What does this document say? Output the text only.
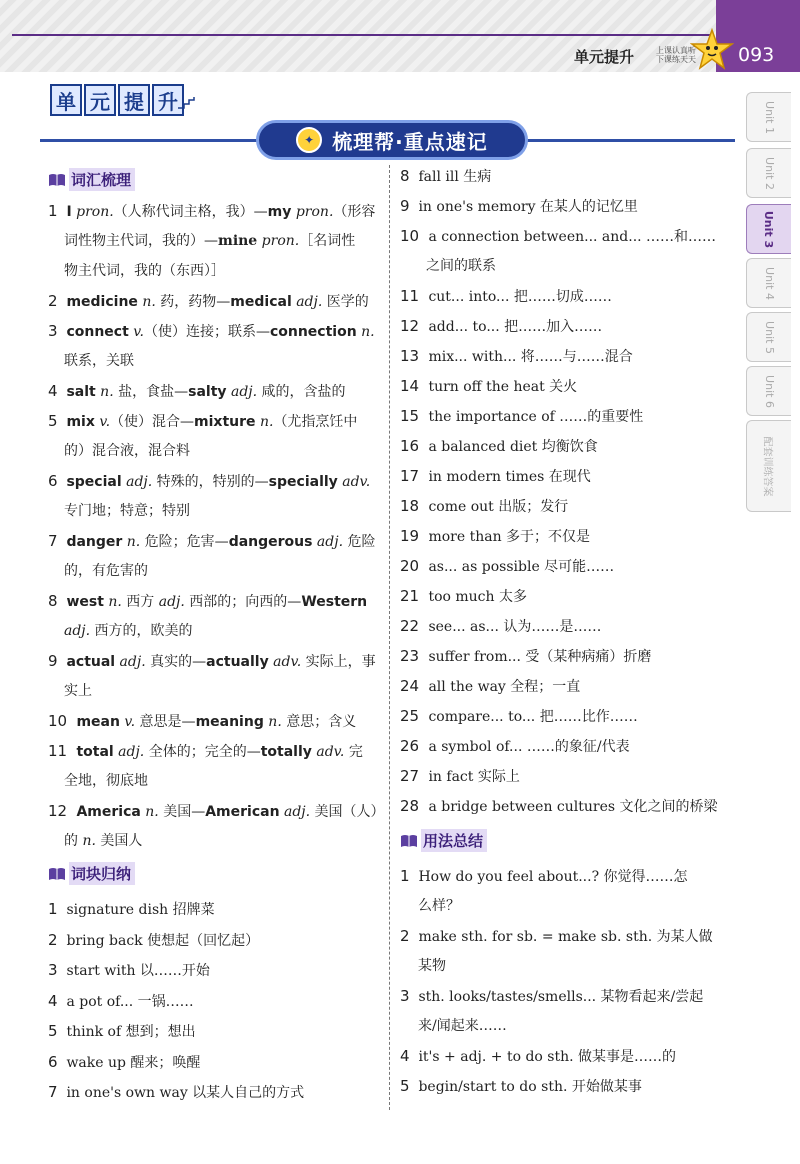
单元提升	上课认真听
下课练天天 093
单 元 提 升
✦ 梳理帮·重点速记
Unit 1
Unit 2
Unit 3
Unit 4
Unit 5
Unit 6
配套训练答案
词汇梳理
1 I pron.（人称代词主格，我）—my pron.（形容
词性物主代词，我的）—mine pron.［名词性
物主代词，我的（东西）］
2 medicine n. 药，药物—medical adj. 医学的
3 connect v.（使）连接；联系—connection n.
联系，关联
4 salt n. 盐，食盐—salty adj. 咸的，含盐的
5 mix v.（使）混合—mixture n.（尤指烹饪中
的）混合液，混合料
6 special adj. 特殊的，特别的—specially adv.
专门地；特意；特别
7 danger n. 危险；危害—dangerous adj. 危险
的，有危害的
8 west n. 西方 adj. 西部的；向西的—Western
adj. 西方的，欧美的
9 actual adj. 真实的—actually adv. 实际上，事
实上
10 mean v. 意思是—meaning n. 意思；含义
11 total adj. 全体的；完全的—totally adv. 完
全地，彻底地
12 America n. 美国—American adj. 美国（人）
的 n. 美国人
词块归纳
1 signature dish 招牌菜
2 bring back 使想起（回忆起）
3 start with 以……开始
4 a pot of... 一锅……
5 think of 想到；想出
6 wake up 醒来；唤醒
7 in one's own way 以某人自己的方式
8 fall ill 生病
9 in one's memory 在某人的记忆里
10 a connection between... and... ……和……
之间的联系
11 cut... into... 把……切成……
12 add... to... 把……加入……
13 mix... with... 将……与……混合
14 turn off the heat 关火
15 the importance of ……的重要性
16 a balanced diet 均衡饮食
17 in modern times 在现代
18 come out 出版；发行
19 more than 多于；不仅是
20 as... as possible 尽可能……
21 too much 太多
22 see... as... 认为……是……
23 suffer from... 受（某种病痛）折磨
24 all the way 全程；一直
25 compare... to... 把……比作……
26 a symbol of... ……的象征/代表
27 in fact 实际上
28 a bridge between cultures 文化之间的桥梁
用法总结
1 How do you feel about...? 你觉得……怎
么样？
2 make sth. for sb. = make sb. sth. 为某人做
某物
3 sth. looks/tastes/smells... 某物看起来/尝起
来/闻起来……
4 it's + adj. + to do sth. 做某事是……的
5 begin/start to do sth. 开始做某事
